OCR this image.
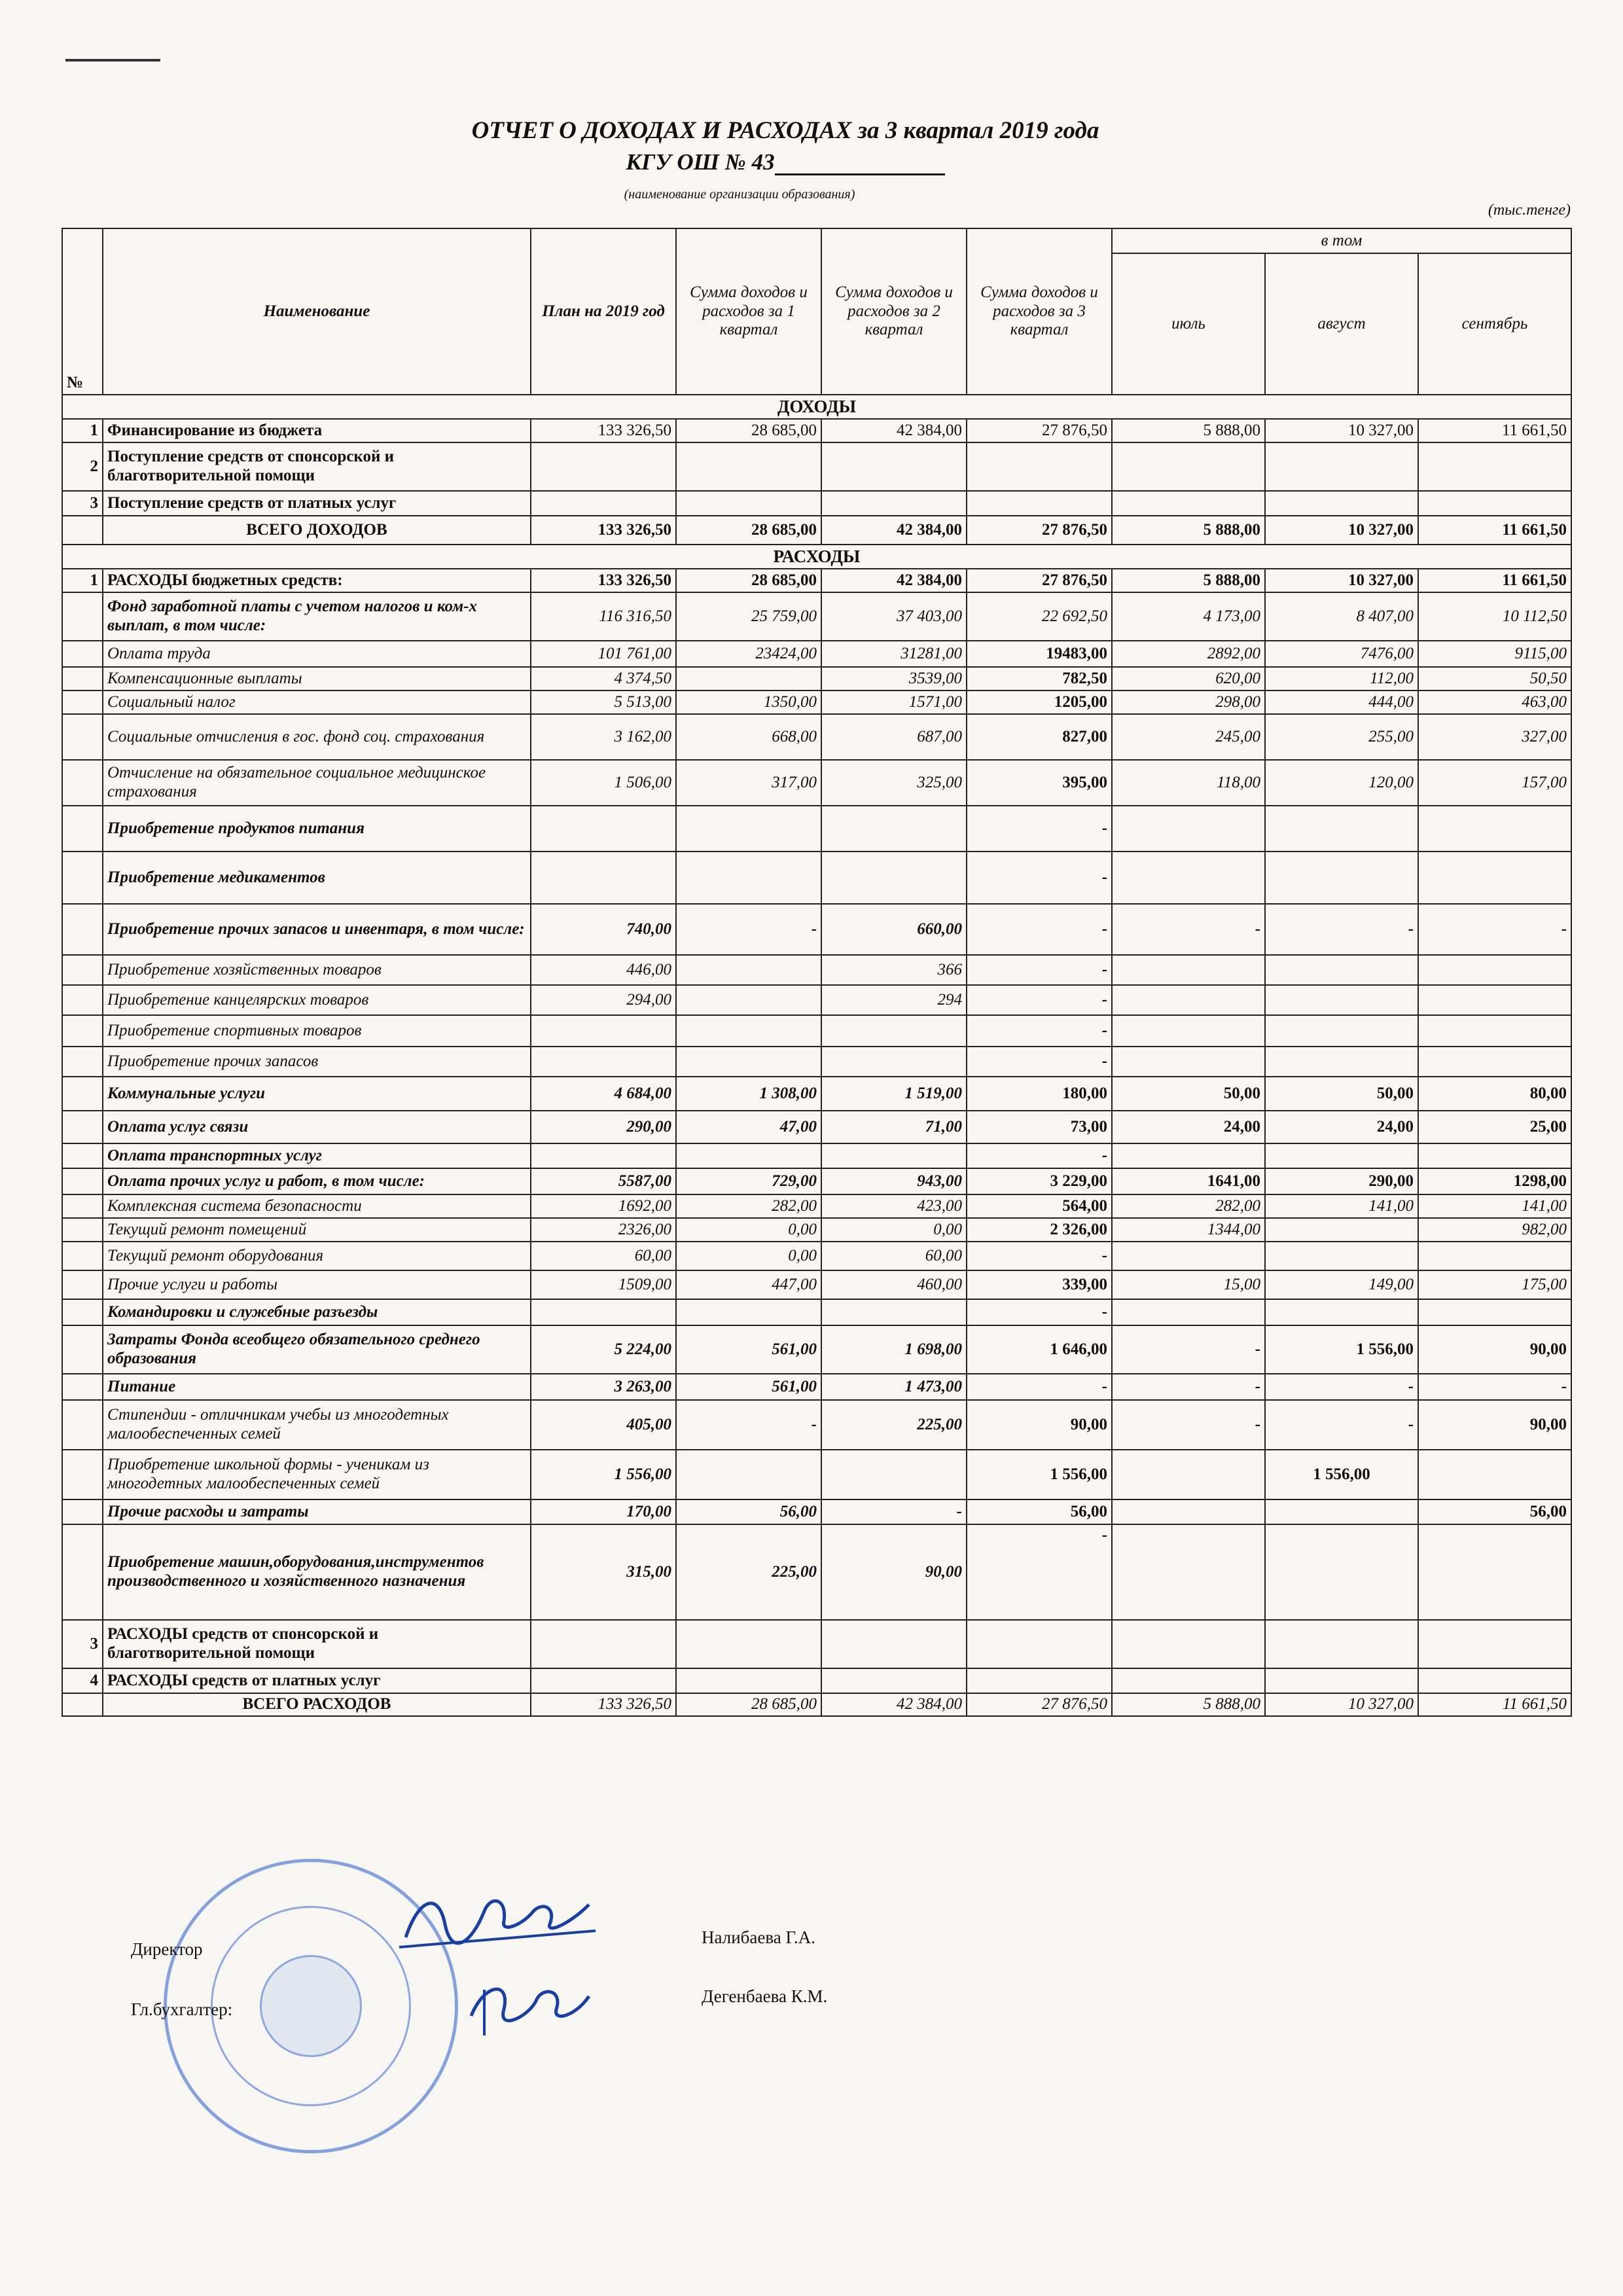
ОТЧЕТ О ДОХОДАХ И РАСХОДАХ за 3 квартал 2019 года
КГУ ОШ № 43
(наименование организации образования)
(тыс.тенге)
№	Наименование	План на 2019 год	Сумма доходов и расходов за 1 квартал	Сумма доходов и расходов за 2 квартал	Сумма доходов и расходов за 3 квартал	в том		
						июль	август	сентябрь
ДОХОДЫ								
1	Финансирование из бюджета	133 326,50	28 685,00	42 384,00	27 876,50	5 888,00	10 327,00	11 661,50
2	Поступление средств от спонсорской и благотворительной помощи							
3	Поступление средств от платных услуг							
	ВСЕГО ДОХОДОВ	133 326,50	28 685,00	42 384,00	27 876,50	5 888,00	10 327,00	11 661,50
РАСХОДЫ								
1	РАСХОДЫ бюджетных средств:	133 326,50	28 685,00	42 384,00	27 876,50	5 888,00	10 327,00	11 661,50
	Фонд заработной платы с учетом налогов и ком-х выплат, в том числе:	116 316,50	25 759,00	37 403,00	22 692,50	4 173,00	8 407,00	10 112,50
	Оплата труда	101 761,00	23424,00	31281,00	19483,00	2892,00	7476,00	9115,00
	Компенсационные выплаты	4 374,50		3539,00	782,50	620,00	112,00	50,50
	Социальный налог	5 513,00	1350,00	1571,00	1205,00	298,00	444,00	463,00
	Социальные отчисления в гос. фонд соц. страхования	3 162,00	668,00	687,00	827,00	245,00	255,00	327,00
	Отчисление на обязательное социальное медицинское страхования	1 506,00	317,00	325,00	395,00	118,00	120,00	157,00
	Приобретение продуктов питания				-			
	Приобретение медикаментов				-			
	Приобретение прочих запасов и инвентаря, в том числе:	740,00	-	660,00	-	-	-	-
	Приобретение хозяйственных товаров	446,00		366	-			
	Приобретение канцелярских товаров	294,00		294	-			
	Приобретение спортивных товаров				-			
	Приобретение прочих запасов				-			
	Коммунальные услуги	4 684,00	1 308,00	1 519,00	180,00	50,00	50,00	80,00
	Оплата услуг связи	290,00	47,00	71,00	73,00	24,00	24,00	25,00
	Оплата транспортных услуг				-			
	Оплата прочих услуг и работ, в том числе:	5587,00	729,00	943,00	3 229,00	1641,00	290,00	1298,00
	Комплексная система безопасности	1692,00	282,00	423,00	564,00	282,00	141,00	141,00
	Текущий ремонт помещений	2326,00	0,00	0,00	2 326,00	1344,00		982,00
	Текущий ремонт оборудования	60,00	0,00	60,00	-			
	Прочие услуги и работы	1509,00	447,00	460,00	339,00	15,00	149,00	175,00
	Командировки и служебные разъезды				-			
	Затраты Фонда всеобщего обязательного среднего образования	5 224,00	561,00	1 698,00	1 646,00	-	1 556,00	90,00
	Питание	3 263,00	561,00	1 473,00	-	-	-	-
	Стипендии - отличникам учебы из многодетных малообеспеченных семей	405,00	-	225,00	90,00	-	-	90,00
	Приобретение школьной формы - ученикам из многодетных малообеспеченных семей	1 556,00			1 556,00		1 556,00	
	Прочие расходы и затраты	170,00	56,00	-	56,00			56,00
	Приобретение машин,оборудования,инструментов производственного и хозяйственного назначения	315,00	225,00	90,00	-			
3	РАСХОДЫ средств от спонсорской и благотворительной помощи							
4	РАСХОДЫ средств от платных услуг							
	ВСЕГО РАСХОДОВ	133 326,50	28 685,00	42 384,00	27 876,50	5 888,00	10 327,00	11 661,50
Директор
Налибаева Г.А.
Гл.бухгалтер:
Дегенбаева К.М.
